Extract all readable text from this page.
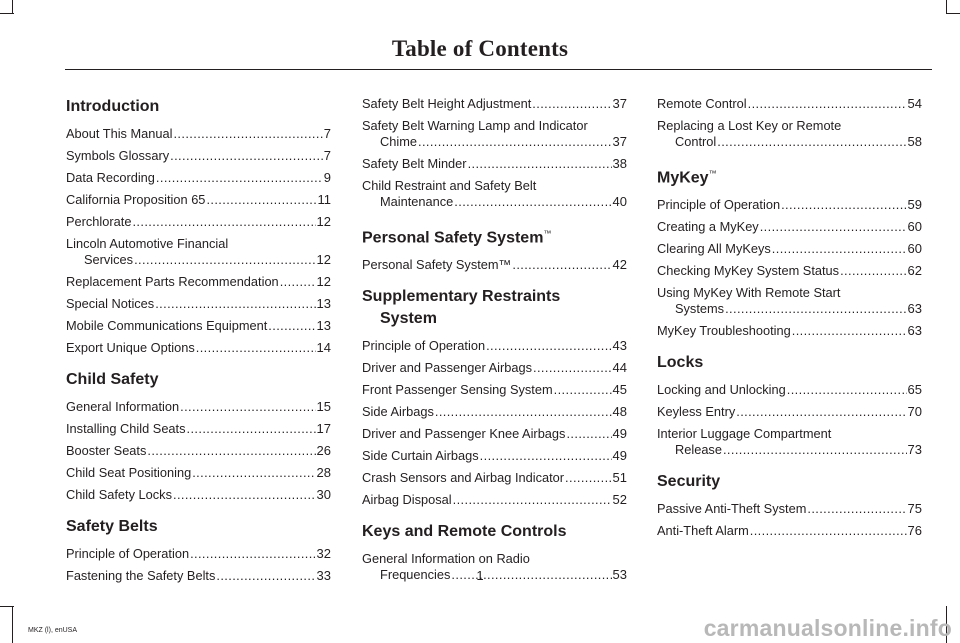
Table of Contents
Introduction
About This Manual .....	7
Symbols Glossary .....	7
Data Recording .....	9
California Proposition 65 .....	11
Perchlorate .....	12
Lincoln Automotive Financial
Services .....	12
Replacement Parts Recommendation .....	12
Special Notices .....	13
Mobile Communications Equipment .....	13
Export Unique Options .....	14
Child Safety
General Information .....	15
Installing Child Seats .....	17
Booster Seats .....	26
Child Seat Positioning .....	28
Child Safety Locks .....	30
Safety Belts
Principle of Operation .....	32
Fastening the Safety Belts .....	33
Safety Belt Height Adjustment .....	37
Safety Belt Warning Lamp and Indicator
Chime .....	37
Safety Belt Minder .....	38
Child Restraint and Safety Belt
Maintenance .....	40
Personal Safety System™
Personal Safety System™ .....	42
Supplementary Restraints
System
Principle of Operation .....	43
Driver and Passenger Airbags .....	44
Front Passenger Sensing System .....	45
Side Airbags .....	48
Driver and Passenger Knee Airbags .....	49
Side Curtain Airbags .....	49
Crash Sensors and Airbag Indicator .....	51
Airbag Disposal .....	52
Keys and Remote Controls
General Information on Radio
Frequencies .....	53
Remote Control .....	54
Replacing a Lost Key or Remote
Control .....	58
MyKey™
Principle of Operation .....	59
Creating a MyKey .....	60
Clearing All MyKeys .....	60
Checking MyKey System Status .....	62
Using MyKey With Remote Start
Systems .....	63
MyKey Troubleshooting .....	63
Locks
Locking and Unlocking .....	65
Keyless Entry .....	70
Interior Luggage Compartment
Release .....	73
Security
Passive Anti-Theft System .....	75
Anti-Theft Alarm .....	76
1
MKZ (l), enUSA	carmanualsonline.info
